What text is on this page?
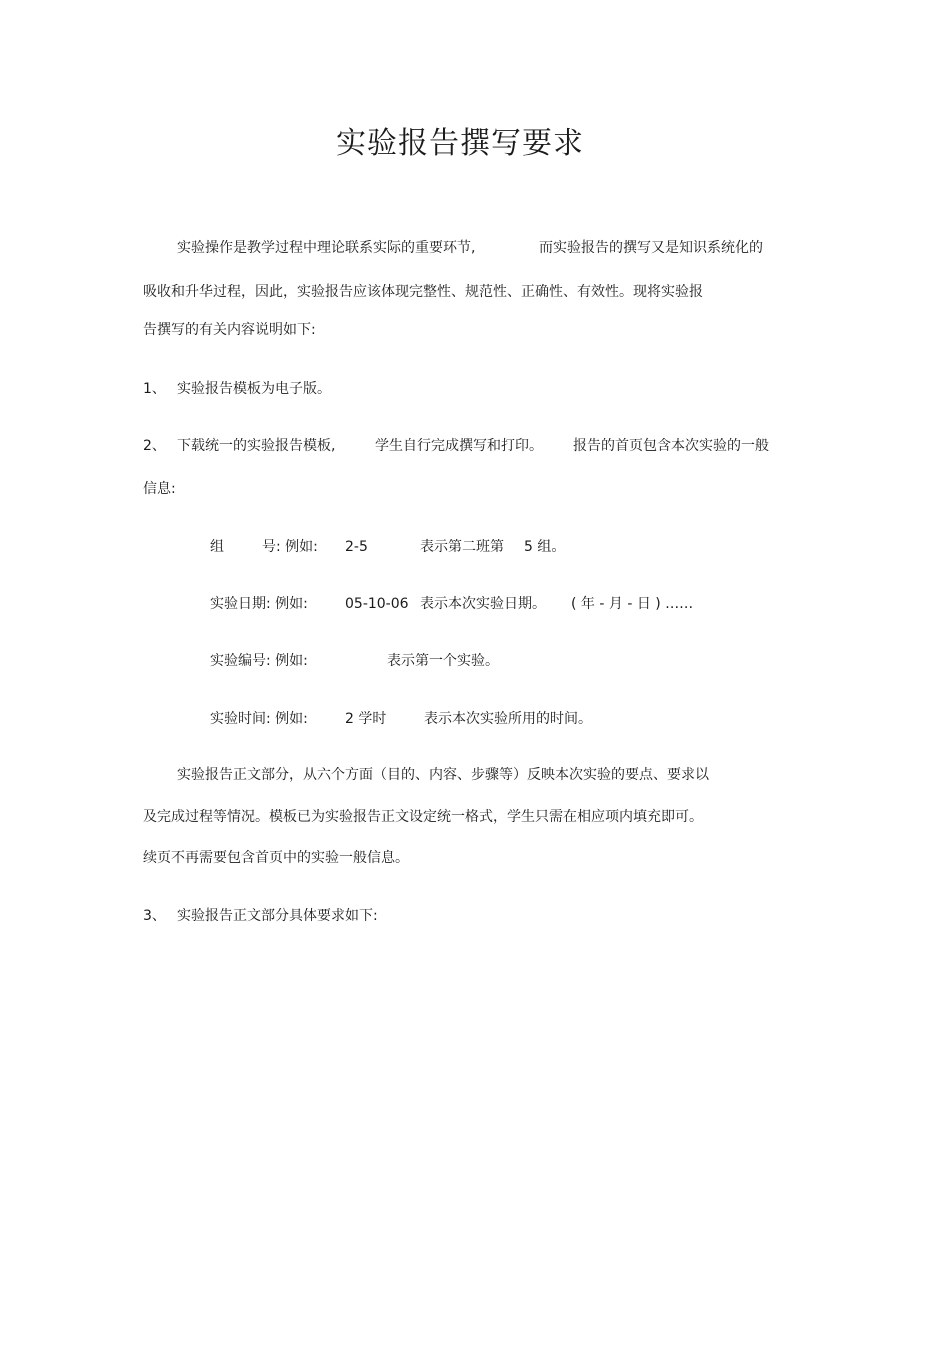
实验报告撰写要求
实验操作是教学过程中理论联系实际的重要环节,	而实验报告的撰写又是知识系统化的
吸收和升华过程，因此，实验报告应该体现完整性、规范性、正确性、有效性。现将实验报
告撰写的有关内容说明如下:
1、 实验报告模板为电子版。
2、 下载统一的实验报告模板,	学生自行完成撰写和打印。 报告的首页包含本次实验的一般
信息:
组	号: 例如: 2-5	表示第二班第 5 组。
实验日期: 例如:	05-10-06 表示本次实验日期。 ( 年 - 月 - 日 ) ……
实验编号: 例如:	表示第一个实验。
实验时间: 例如:	2 学时	表示本次实验所用的时间。
实验报告正文部分，从六个方面（目的、内容、步骤等）反映本次实验的要点、要求以
及完成过程等情况。模板已为实验报告正文设定统一格式，学生只需在相应项内填充即可。
续页不再需要包含首页中的实验一般信息。
3、 实验报告正文部分具体要求如下:
